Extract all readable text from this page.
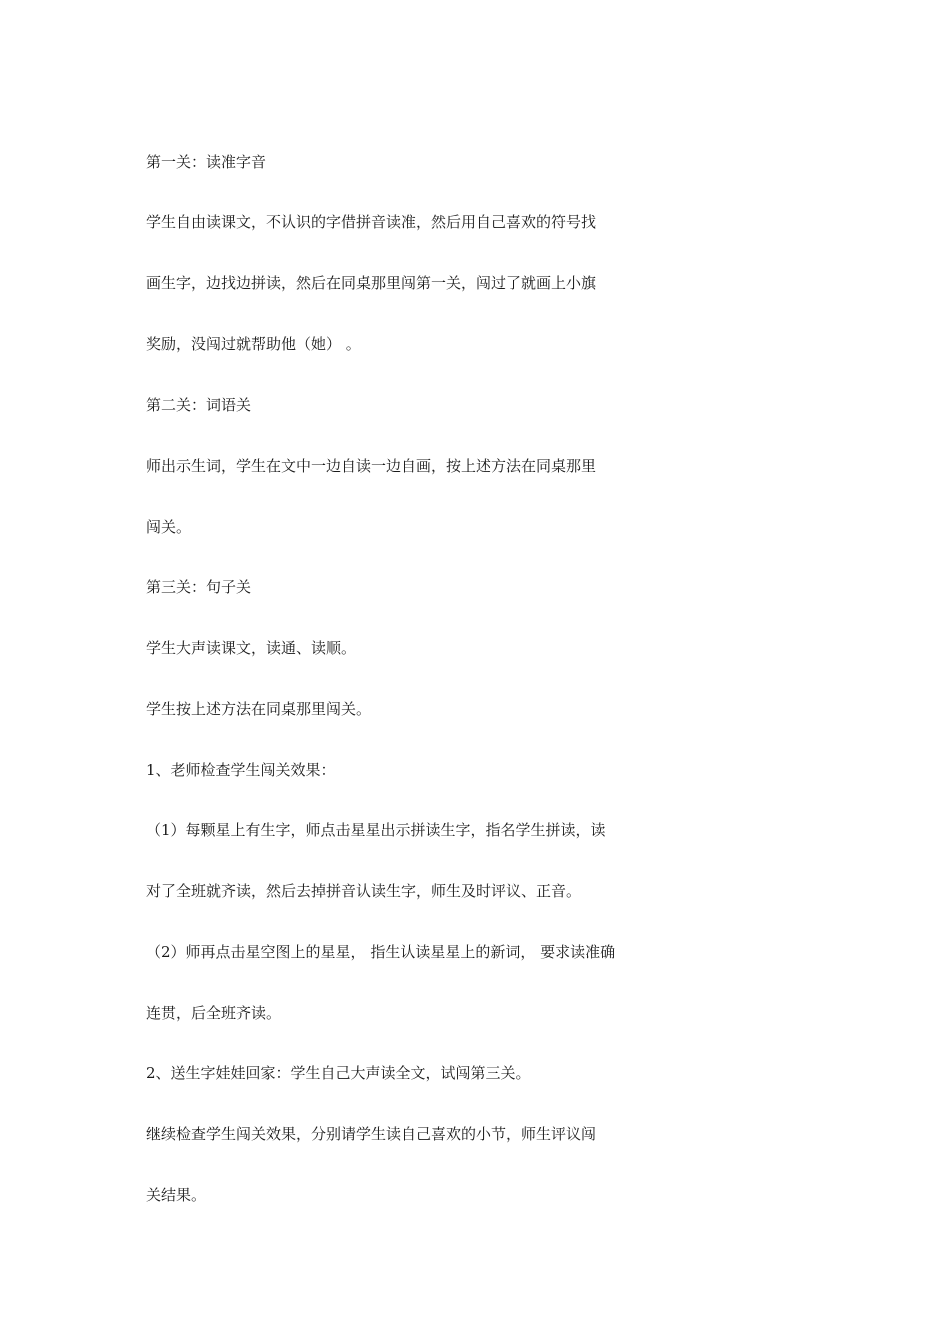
第一关：读准字音

学生自由读课文，不认识的字借拼音读准，然后用自己喜欢的符号找

画生字，边找边拼读，然后在同桌那里闯第一关，闯过了就画上小旗

奖励，没闯过就帮助他（她） 。

第二关：词语关

师出示生词，学生在文中一边自读一边自画，按上述方法在同桌那里

闯关。

第三关：句子关

学生大声读课文，读通、读顺。

学生按上述方法在同桌那里闯关。

1、老师检查学生闯关效果：

（1）每颗星上有生字，师点击星星出示拼读生字，指名学生拼读，读

对了全班就齐读，然后去掉拼音认读生字，师生及时评议、正音。

（2）师再点击星空图上的星星， 指生认读星星上的新词， 要求读准确

连贯，后全班齐读。

2、送生字娃娃回家：学生自己大声读全文，试闯第三关。

继续检查学生闯关效果，分别请学生读自己喜欢的小节，师生评议闯

关结果。
